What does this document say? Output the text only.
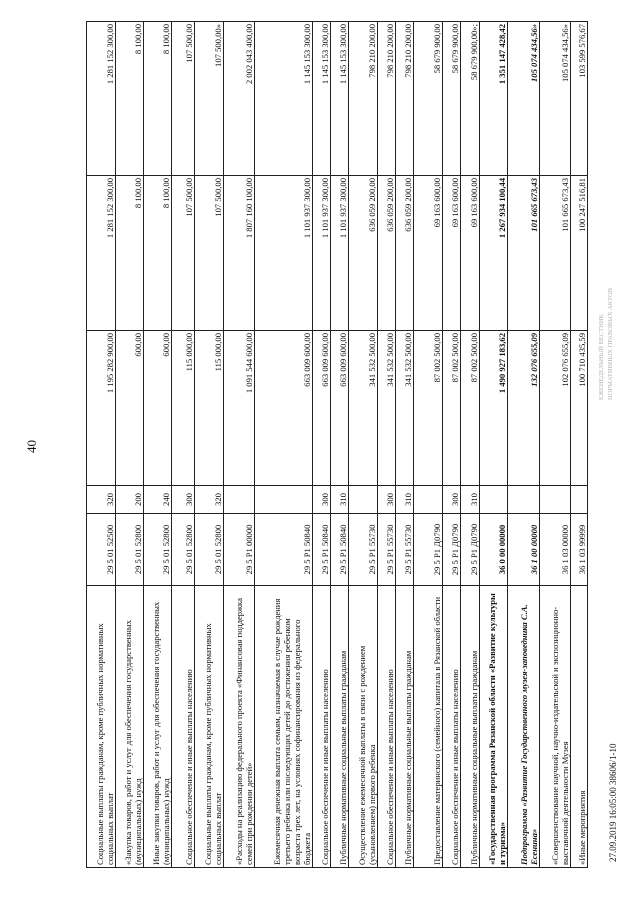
40
Социальные выплаты гражданам, кроме публичных нормативных социальных выплат	29 5 01 52500	320	1 195 282 900,00	1 281 152 300,00	1 281 152 300,00
«Закупка товаров, работ и услуг для обеспечения государственных (муниципальных) нужд	29 5 01 52800	200	600,00	8 100,00	8 100,00
Иные закупки товаров, работ и услуг для обеспечения государственных (муниципальных) нужд	29 5 01 52800	240	600,00	8 100,00	8 100,00
Социальное обеспечение и иные выплаты населению	29 5 01 52800	300	115 000,00	107 500,00	107 500,00
Социальные выплаты гражданам, кроме публичных нормативных социальных выплат	29 5 01 52800	320	115 000,00	107 500,00	107 500,00»
«Расходы на реализацию федерального проекта «Финансовая поддержка семей при рождении детей»	29 5 P1 00000		1 091 544 600,00	1 807 160 100,00	2 002 043 400,00
Ежемесячная денежная выплата семьям, назначаемая в случае рождения третьего ребенка или последующих детей до достижения ребенком возраста трех лет, на условиях софинансирования из федерального бюджета	29 5 P1 50840		663 009 600,00	1 101 937 300,00	1 145 153 300,00
Социальное обеспечение и иные выплаты населению	29 5 P1 50840	300	663 009 600,00	1 101 937 300,00	1 145 153 300,00
Публичные нормативные социальные выплаты гражданам	29 5 P1 50840	310	663 009 600,00	1 101 937 300,00	1 145 153 300,00
Осуществление ежемесячной выплаты в связи с рождением (усыновлением) первого ребенка	29 5 P1 55730		341 532 500,00	636 059 200,00	798 210 200,00
Социальное обеспечение и иные выплаты населению	29 5 P1 55730	300	341 532 500,00	636 059 200,00	798 210 200,00
Публичные нормативные социальные выплаты гражданам	29 5 P1 55730	310	341 532 500,00	636 059 200,00	798 210 200,00
Предоставление материнского (семейного) капитала в Рязанской области	29 5 P1 Д0790		87 002 500,00	69 163 600,00	58 679 900,00
Социальное обеспечение и иные выплаты населению	29 5 P1 Д0790	300	87 002 500,00	69 163 600,00	58 679 900,00
Публичные нормативные социальные выплаты гражданам	29 5 P1 Д0790	310	87 002 500,00	69 163 600,00	58 679 900,00»;
«Государственная программа Рязанской области «Развитие культуры и туризма»	36 0 00 00000		1 490 927 183,62	1 267 934 100,44	1 351 147 428,42
Подпрограмма «Развитие Государственного музея-заповедника С.А. Есенина»	36 1 00 00000		132 076 655,09	101 665 673,43	105 074 434,56»
«Совершенствование научной, научно-издательской и экспозиционно-выставочной деятельности Музея	36 1 03 00000		102 076 655,09	101 665 673,43	105 074 434,56»
«Иные мероприятия	36 1 03 99999		100 710 435,59	100 247 516,81	103 599 576,67
27.09.2019 16:05:00 38606/1-10
ЕЖЕНЕДЕЛЬНЫЙ ВЕСТНИК НОРМАТИВНЫХ ПРАВОВЫХ АКТОВ
